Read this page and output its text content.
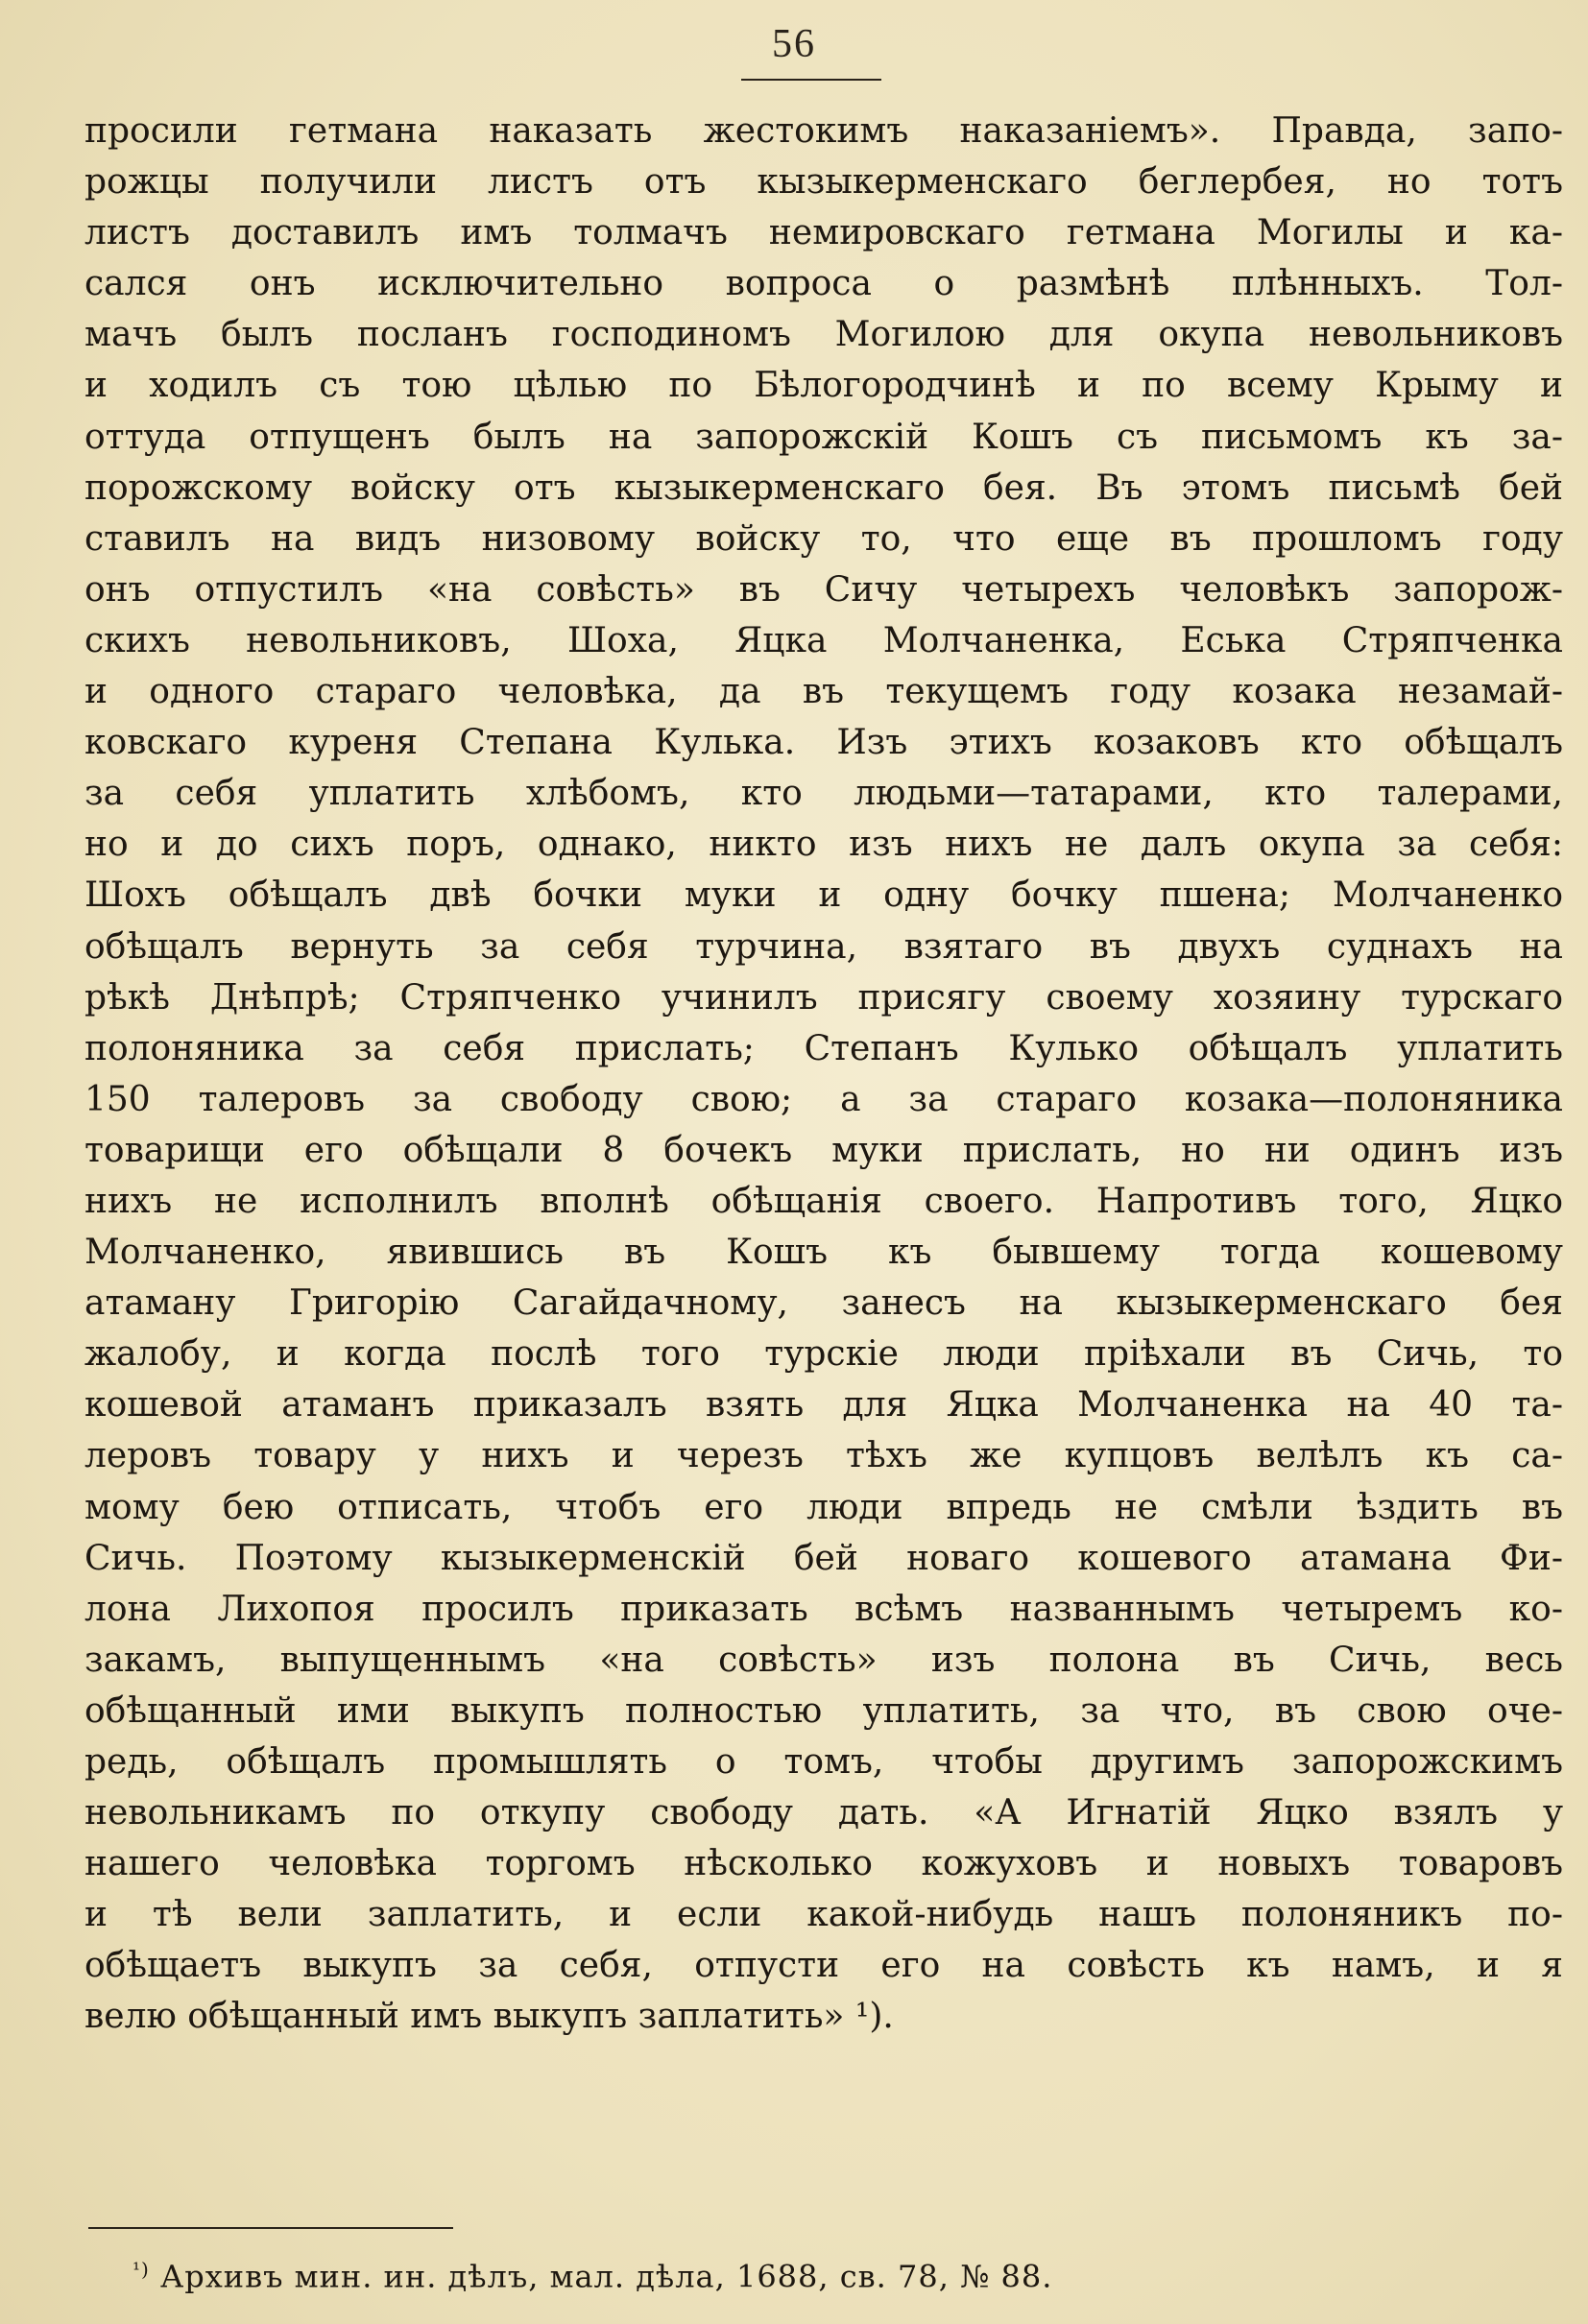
56
просили гетмана наказать жестокимъ наказаніемъ». Правда, запо-
рожцы получили листъ отъ кызыкерменскаго беглербея, но тотъ
листъ доставилъ имъ толмачъ немировскаго гетмана Могилы и ка-
сался онъ исключительно вопроса о размѣнѣ плѣнныхъ. Тол-
мачъ былъ посланъ господиномъ Могилою для окупа невольниковъ
и ходилъ съ тою цѣлью по Бѣлогородчинѣ и по всему Крыму и
оттуда отпущенъ былъ на запорожскій Кошъ съ письмомъ къ за-
порожскому войску отъ кызыкерменскаго бея. Въ этомъ письмѣ бей
ставилъ на видъ низовому войску то, что еще въ прошломъ году
онъ отпустилъ «на совѣсть» въ Сичу четырехъ человѣкъ запорож-
скихъ невольниковъ, Шоха, Яцка Молчаненка, Еська Стряпченка
и одного стараго человѣка, да въ текущемъ году козака незамай-
ковскаго куреня Степана Кулька. Изъ этихъ козаковъ кто обѣщалъ
за себя уплатить хлѣбомъ, кто людьми—татарами, кто талерами,
но и до сихъ поръ, однако, никто изъ нихъ не далъ окупа за себя:
Шохъ обѣщалъ двѣ бочки муки и одну бочку пшена; Молчаненко
обѣщалъ вернуть за себя турчина, взятаго въ двухъ суднахъ на
рѣкѣ Днѣпрѣ; Стряпченко учинилъ присягу своему хозяину турскаго
полоняника за себя прислать; Степанъ Кулько обѣщалъ уплатить
150 талеровъ за свободу свою; а за стараго козака—полоняника
товарищи его обѣщали 8 бочекъ муки прислать, но ни одинъ изъ
нихъ не исполнилъ вполнѣ обѣщанія своего. Напротивъ того, Яцко
Молчаненко, явившись въ Кошъ къ бывшему тогда кошевому
атаману Григорію Сагайдачному, занесъ на кызыкерменскаго бея
жалобу, и когда послѣ того турскіе люди пріѣхали въ Сичь, то
кошевой атаманъ приказалъ взять для Яцка Молчаненка на 40 та-
леровъ товару у нихъ и черезъ тѣхъ же купцовъ велѣлъ къ са-
мому бею отписать, чтобъ его люди впредь не смѣли ѣздить въ
Сичь. Поэтому кызыкерменскій бей новаго кошевого атамана Фи-
лона Лихопоя просилъ приказать всѣмъ названнымъ четыремъ ко-
закамъ, выпущеннымъ «на совѣсть» изъ полона въ Сичь, весь
обѣщанный ими выкупъ полностью уплатить, за что, въ свою оче-
редь, обѣщалъ промышлять о томъ, чтобы другимъ запорожскимъ
невольникамъ по откупу свободу дать. «А Игнатій Яцко взялъ у
нашего человѣка торгомъ нѣсколько кожуховъ и новыхъ товаровъ
и тѣ вели заплатить, и если какой-нибудь нашъ полоняникъ по-
обѣщаетъ выкупъ за себя, отпусти его на совѣсть къ намъ, и я
велю обѣщанный имъ выкупъ заплатить» ¹).
$^{^1)}$ Архивъ мин. ин. дѣлъ, мал. дѣла, 1688, св. 78, № 88.
